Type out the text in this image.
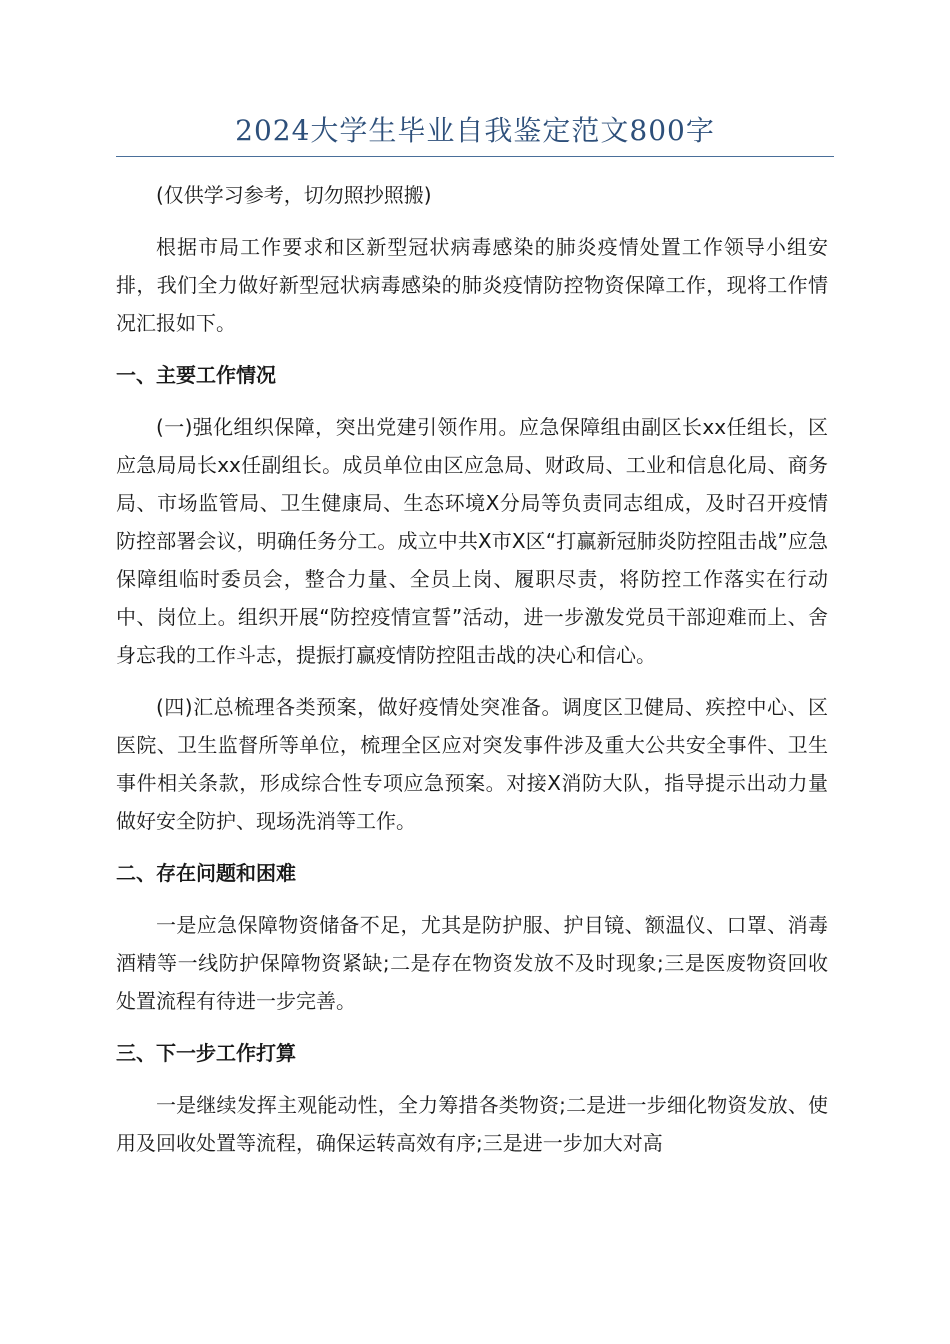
2024大学生毕业自我鉴定范文800字

(仅供学习参考，切勿照抄照搬)

根据市局工作要求和区新型冠状病毒感染的肺炎疫情处置工作领导小组安排，我们全力做好新型冠状病毒感染的肺炎疫情防控物资保障工作，现将工作情况汇报如下。

一、主要工作情况

(一)强化组织保障，突出党建引领作用。应急保障组由副区长xx任组长，区应急局局长xx任副组长。成员单位由区应急局、财政局、工业和信息化局、商务局、市场监管局、卫生健康局、生态环境X分局等负责同志组成，及时召开疫情防控部署会议，明确任务分工。成立中共X市X区“打赢新冠肺炎防控阻击战”应急保障组临时委员会，整合力量、全员上岗、履职尽责，将防控工作落实在行动中、岗位上。组织开展“防控疫情宣誓”活动，进一步激发党员干部迎难而上、舍身忘我的工作斗志，提振打赢疫情防控阻击战的决心和信心。

(四)汇总梳理各类预案，做好疫情处突准备。调度区卫健局、疾控中心、区医院、卫生监督所等单位，梳理全区应对突发事件涉及重大公共安全事件、卫生事件相关条款，形成综合性专项应急预案。对接X消防大队，指导提示出动力量做好安全防护、现场洗消等工作。

二、存在问题和困难

一是应急保障物资储备不足，尤其是防护服、护目镜、额温仪、口罩、消毒酒精等一线防护保障物资紧缺;二是存在物资发放不及时现象;三是医废物资回收处置流程有待进一步完善。

三、下一步工作打算

一是继续发挥主观能动性，全力筹措各类物资;二是进一步细化物资发放、使用及回收处置等流程，确保运转高效有序;三是进一步加大对高
